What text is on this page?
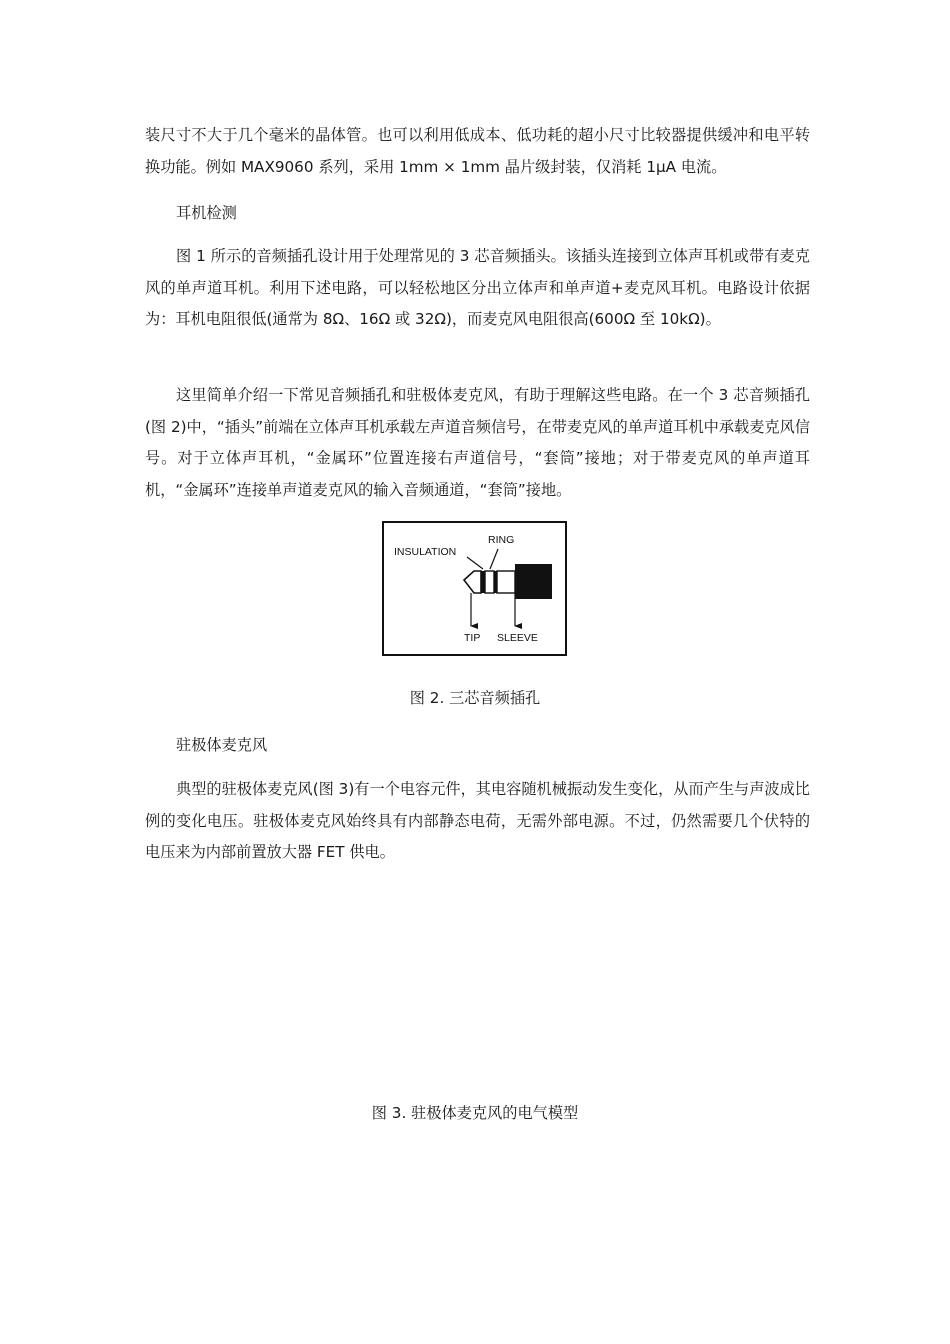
装尺寸不大于几个毫米的晶体管。也可以利用低成本、低功耗的超小尺寸比较器提供缓冲和电平转换功能。例如 MAX9060 系列，采用 1mm × 1mm 晶片级封装，仅消耗 1µA 电流。

耳机检测

图 1 所示的音频插孔设计用于处理常见的 3 芯音频插头。该插头连接到立体声耳机或带有麦克风的单声道耳机。利用下述电路，可以轻松地区分出立体声和单声道+麦克风耳机。电路设计依据为：耳机电阻很低(通常为 8Ω、16Ω 或 32Ω)，而麦克风电阻很高(600Ω 至 10kΩ)。

这里简单介绍一下常见音频插孔和驻极体麦克风，有助于理解这些电路。在一个 3 芯音频插孔(图 2)中，“插头”前端在立体声耳机承载左声道音频信号，在带麦克风的单声道耳机中承载麦克风信号。对于立体声耳机，“金属环”位置连接右声道信号，“套筒”接地；对于带麦克风的单声道耳机，“金属环”连接单声道麦克风的输入音频通道，“套筒”接地。

INSULATION
RING
TIP SLEEVE

图 2. 三芯音频插孔

驻极体麦克风

典型的驻极体麦克风(图 3)有一个电容元件，其电容随机械振动发生变化，从而产生与声波成比例的变化电压。驻极体麦克风始终具有内部静态电荷，无需外部电源。不过，仍然需要几个伏特的电压来为内部前置放大器 FET 供电。

图 3. 驻极体麦克风的电气模型
